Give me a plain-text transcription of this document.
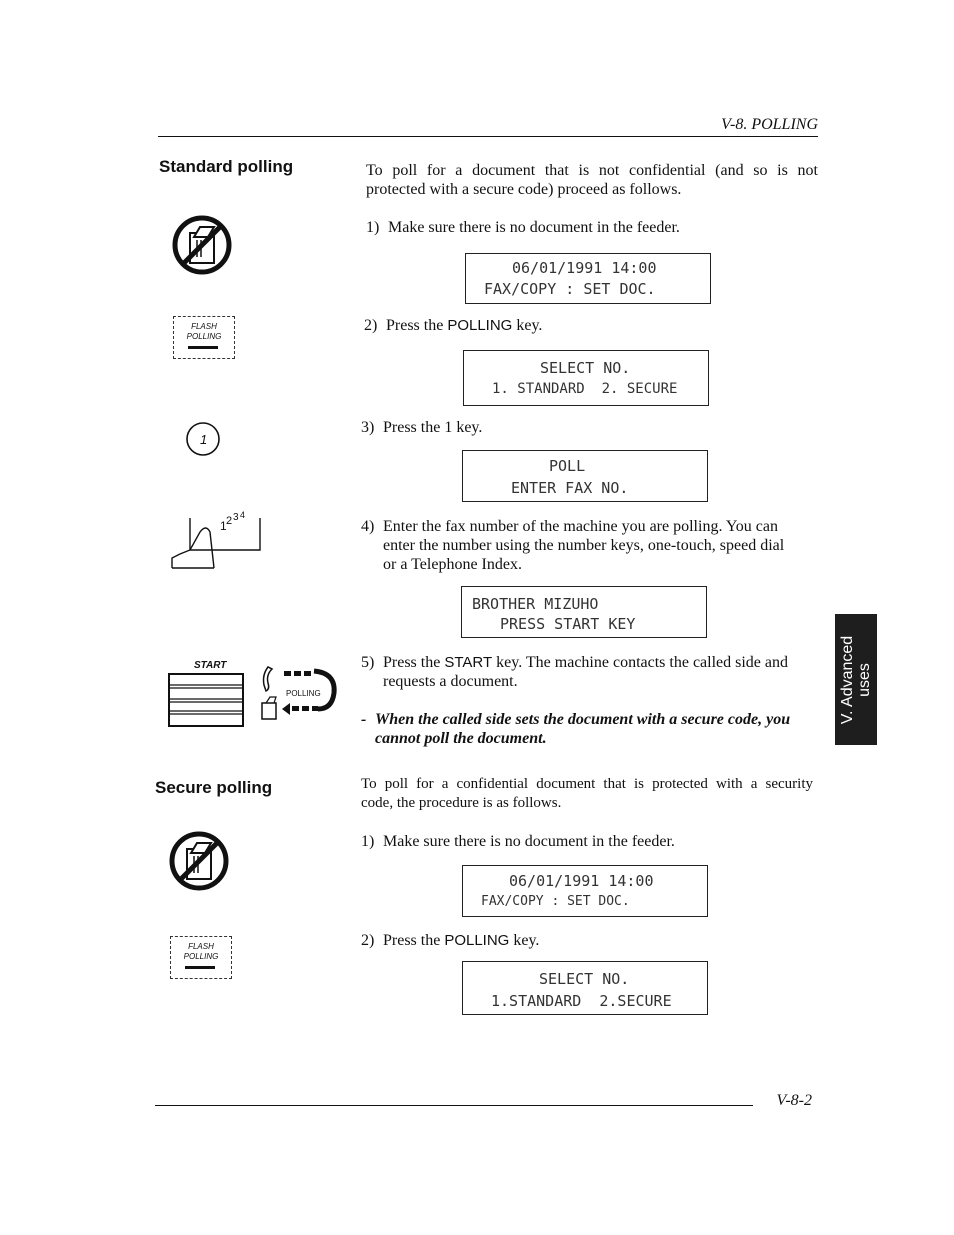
V-8. POLLING
Standard polling	To poll for a document that is not confidential (and so is not
protected with a secure code) proceed as follows.
1) Make sure there is no document in the feeder.
06/01/1991 14:00
FAX/COPY : SET DOC.
2) Press the POLLING key.
SELECT NO.
1. STANDARD  2. SECURE
3) Press the 1 key.
POLL
ENTER FAX NO.
4) Enter the fax number of the machine you are polling. You can
enter the number using the number keys, one-touch, speed dial
or a Telephone Index.
BROTHER MIZUHO
PRESS START KEY
5) Press the START key. The machine contacts the called side and
requests a document.
- When the called side sets the document with a secure code, you
cannot poll the document.
Secure polling	To poll for a confidential document that is protected with a security
code, the procedure is as follows.
1) Make sure there is no document in the feeder.
06/01/1991 14:00
FAX/COPY : SET DOC.
2) Press the POLLING key.
SELECT NO.
1.STANDARD  2.SECURE
FLASH
POLLING
1
1 2 3 4
START
POLLING
FLASH
POLLING
V. Advanced uses
V-8-2
